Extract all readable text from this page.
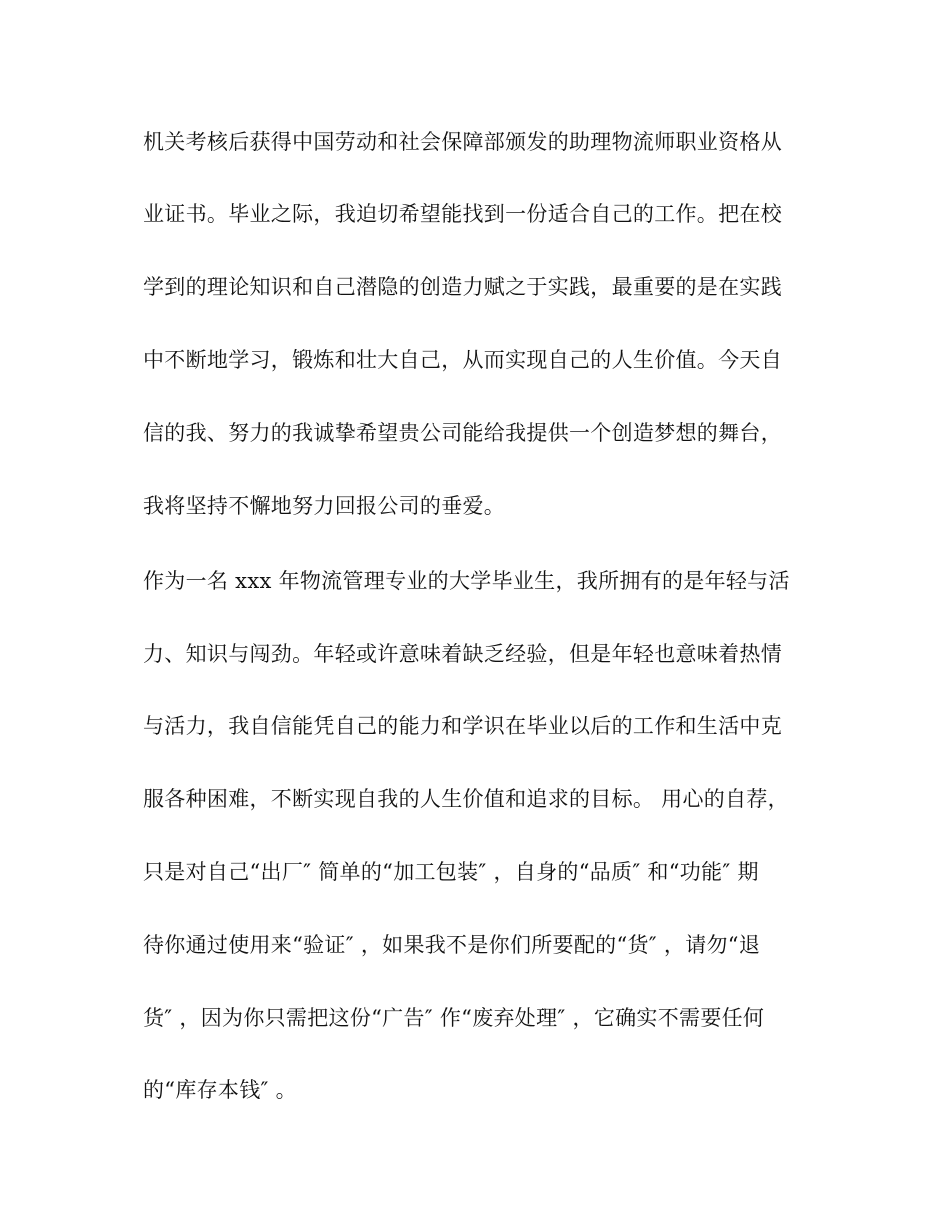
机关考核后获得中国劳动和社会保障部颁发的助理物流师职业资格从
业证书。毕业之际，我迫切希望能找到一份适合自己的工作。把在校
学到的理论知识和自己潜隐的创造力赋之于实践，最重要的是在实践
中不断地学习，锻炼和壮大自己，从而实现自己的人生价值。今天自
信的我、努力的我诚挚希望贵公司能给我提供一个创造梦想的舞台，
我将坚持不懈地努力回报公司的垂爱。
作为一名 xxx 年物流管理专业的大学毕业生，我所拥有的是年轻与活
力、知识与闯劲。年轻或许意味着缺乏经验，但是年轻也意味着热情
与活力，我自信能凭自己的能力和学识在毕业以后的工作和生活中克
服各种困难，不断实现自我的人生价值和追求的目标。 用心的自荐，
只是对自己“出厂″ 简单的“加工包装″ ，自身的“品质″ 和“功能″ 期
待你通过使用来“验证″ ，如果我不是你们所要配的“货″ ，请勿“退
货″ ，因为你只需把这份“广告″ 作“废弃处理″ ，它确实不需要任何
的“库存本钱″ 。
